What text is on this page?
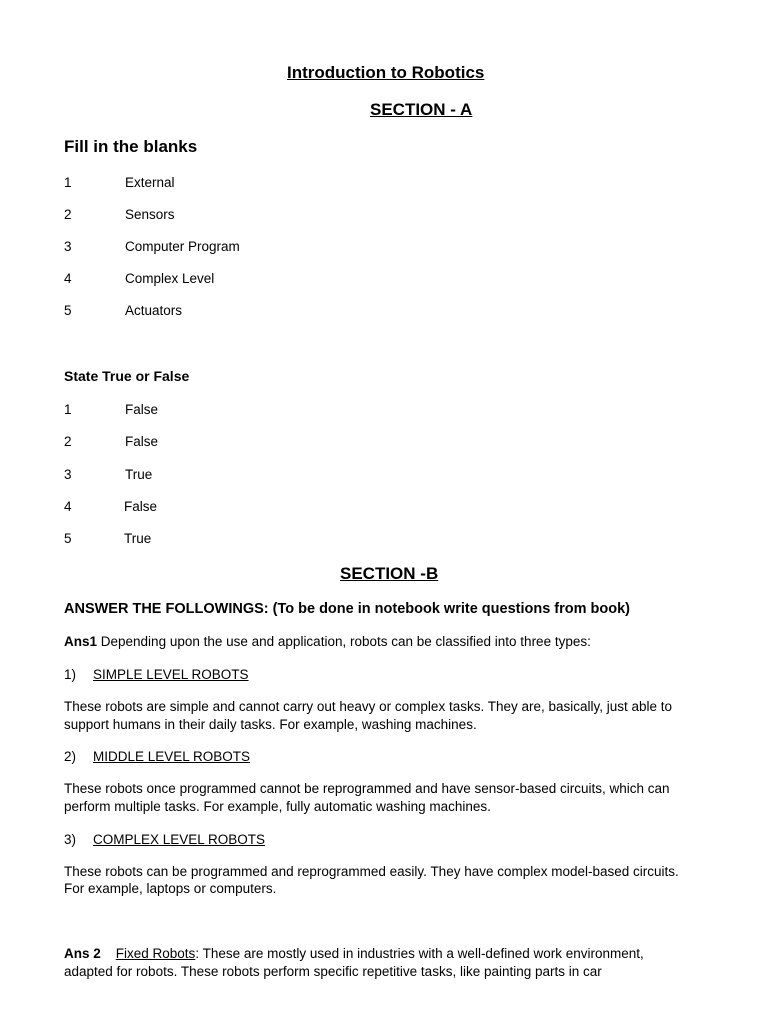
Introduction to Robotics
SECTION - A
Fill in the blanks
1	External
2	Sensors
3	Computer Program
4	Complex Level
5	Actuators
State True or False
1	False
2	False
3	True
4	False
5	True
SECTION -B
ANSWER THE FOLLOWINGS: (To be done in notebook write questions from book)
Ans1 Depending upon the use and application, robots can be classified into three types:
1) SIMPLE LEVEL ROBOTS
These robots are simple and cannot carry out heavy or complex tasks. They are, basically, just able to
support humans in their daily tasks. For example, washing machines.
2) MIDDLE LEVEL ROBOTS
These robots once programmed cannot be reprogrammed and have sensor-based circuits, which can
perform multiple tasks. For example, fully automatic washing machines.
3) COMPLEX LEVEL ROBOTS
These robots can be programmed and reprogrammed easily. They have complex model-based circuits.
For example, laptops or computers.
Ans 2 Fixed Robots: These are mostly used in industries with a well-defined work environment,
adapted for robots. These robots perform specific repetitive tasks, like painting parts in car
